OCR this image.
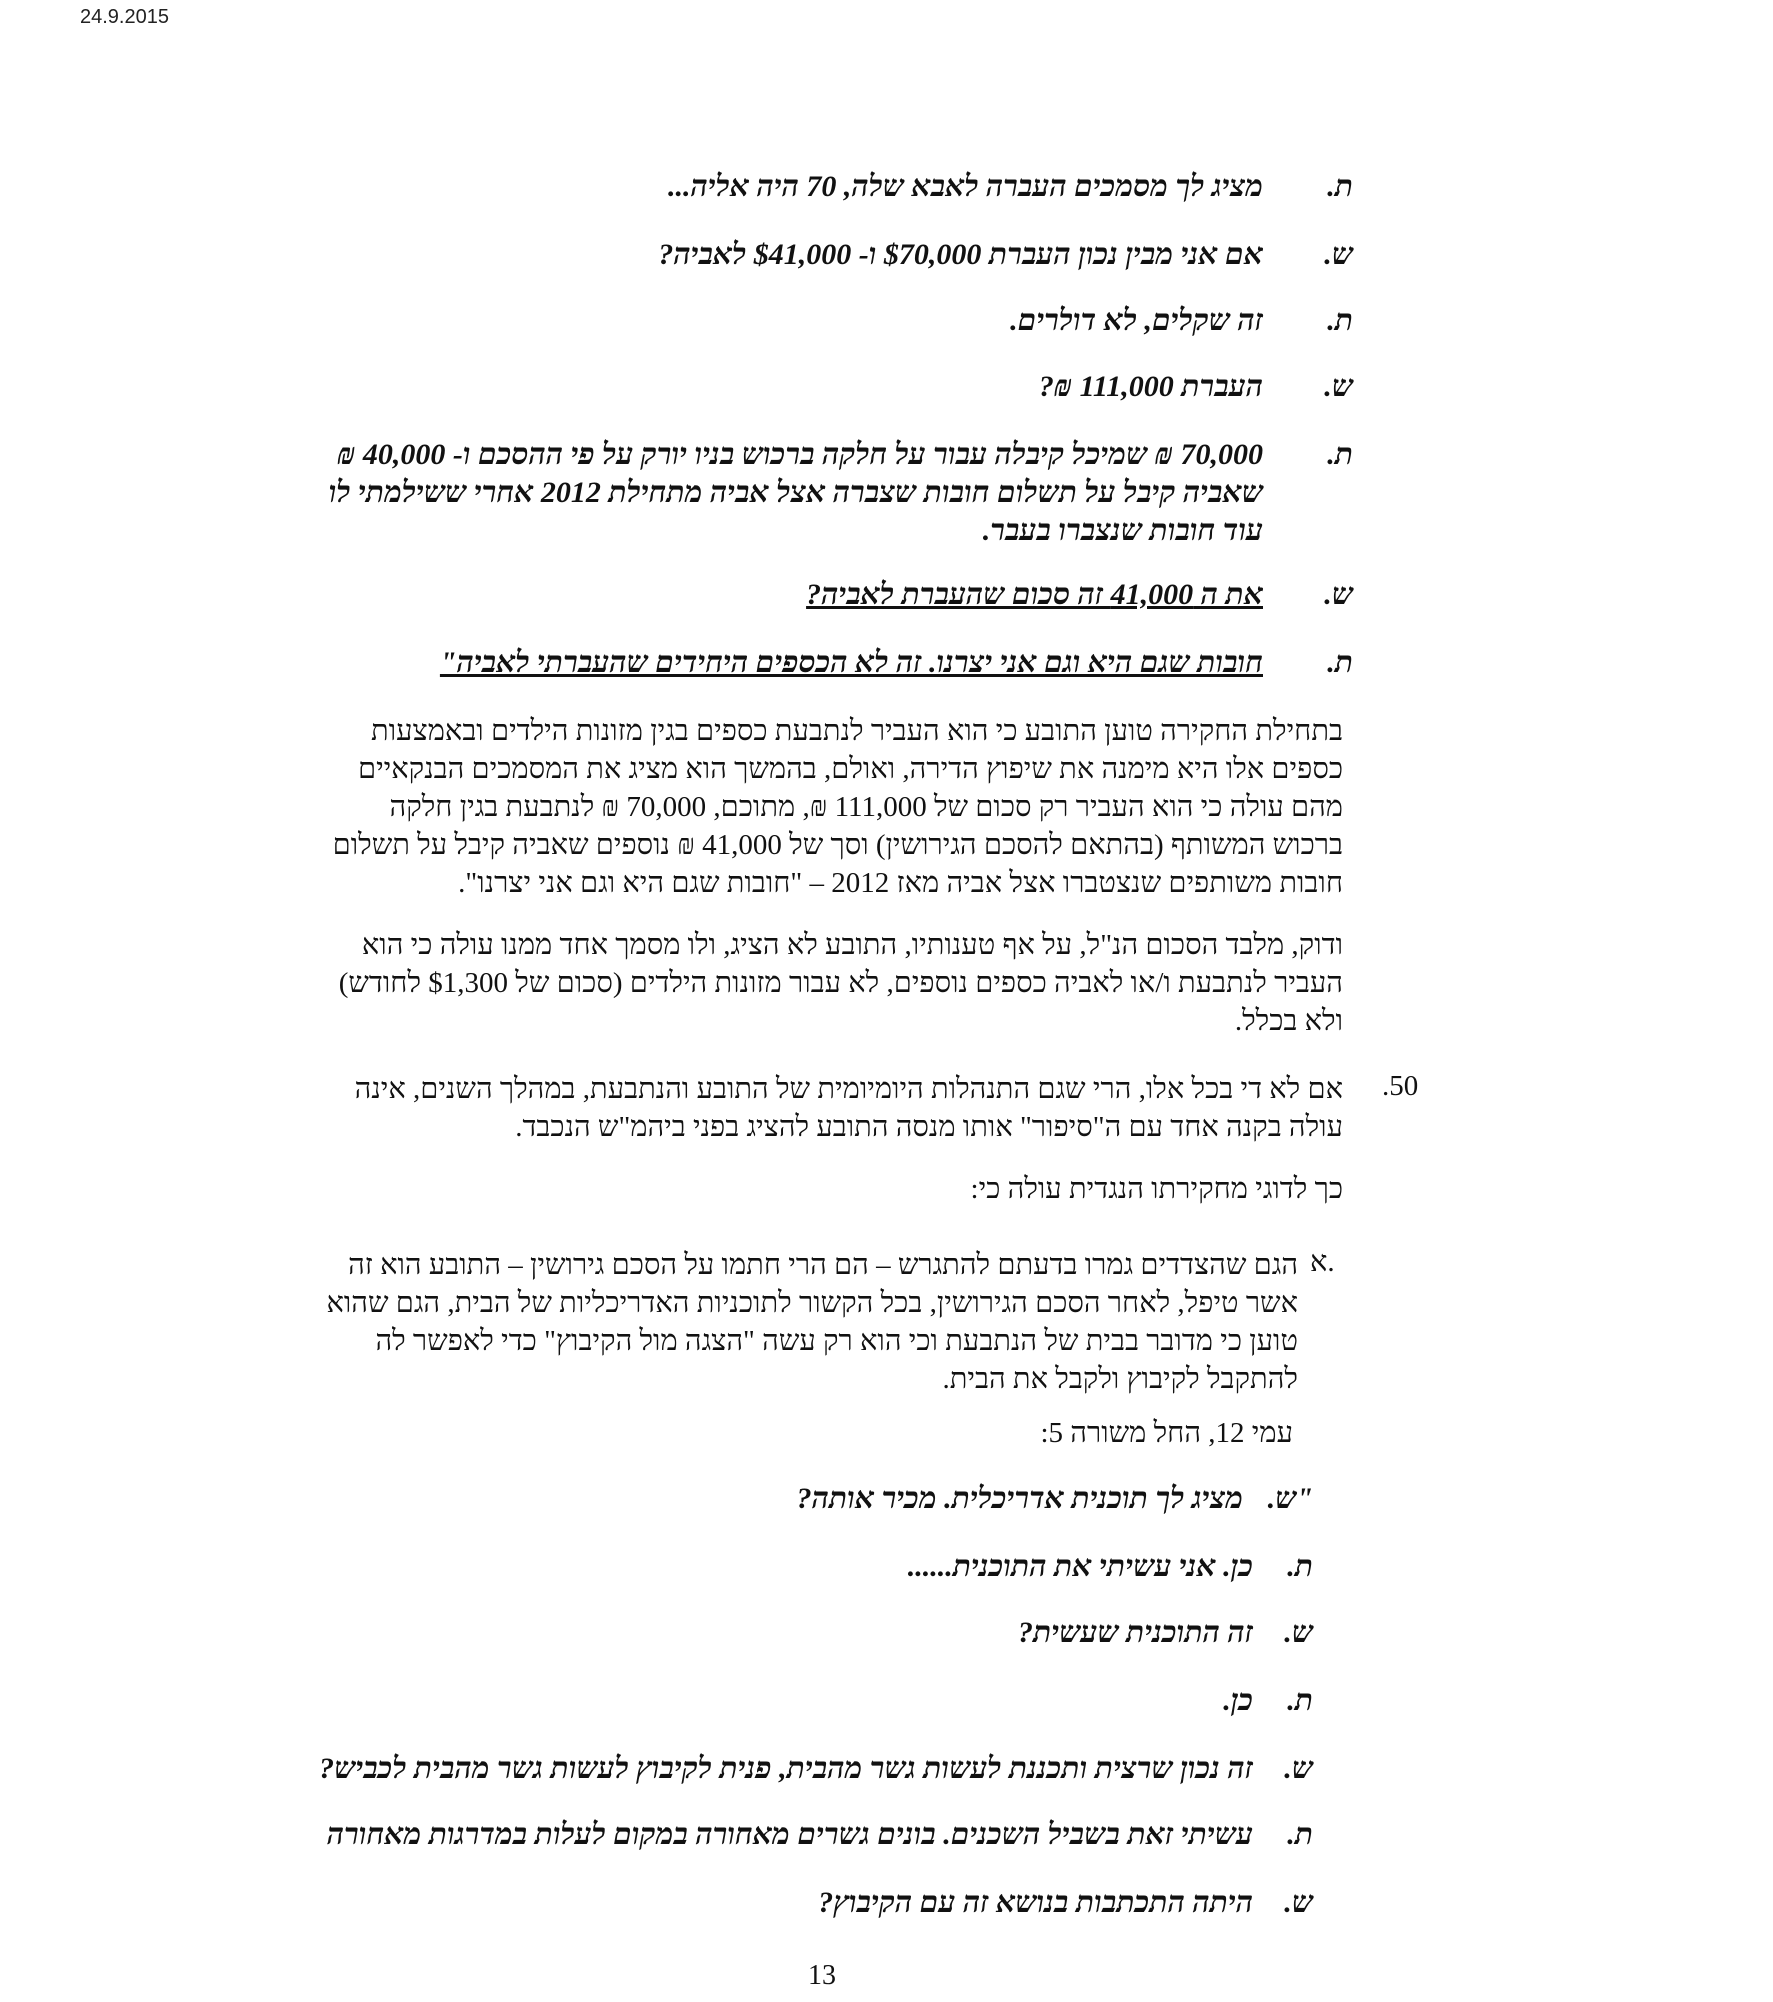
24.9.2015
ת.
מציג לך מסמכים העברה לאבא שלה, 70 היה אליה...
ש.
אם אני מבין נכון העברת $70,000 ו- $41,000 לאביה?
ת.
זה שקלים, לא דולרים.
ש.
העברת 111,000 ₪?
ת.
70,000 ₪ שמיכל קיבלה עבור על חלקה ברכוש בניו יורק על פי ההסכם ו- 40,000 ₪
שאביה קיבל על תשלום חובות שצברה אצל אביה מתחילת 2012 אחרי ששילמתי לו
עוד חובות שנצברו בעבר.
ש.
את ה 41,000 זה סכום שהעברת לאביה?
ת.
חובות שגם היא וגם אני יצרנו. זה לא הכספים היחידים שהעברתי לאביה"
בתחילת החקירה טוען התובע כי הוא העביר לנתבעת כספים בגין מזונות הילדים ובאמצעות
כספים אלו היא מימנה את שיפוץ הדירה, ואולם, בהמשך הוא מציג את המסמכים הבנקאיים
מהם עולה כי הוא העביר רק סכום של 111,000 ₪, מתוכם, 70,000 ₪ לנתבעת בגין חלקה
ברכוש המשותף (בהתאם להסכם הגירושין) וסך של 41,000 ₪ נוספים שאביה קיבל על תשלום
חובות משותפים שנצטברו אצל אביה מאז 2012 – "חובות שגם היא וגם אני יצרנו".
ודוק, מלבד הסכום הנ"ל, על אף טענותיו, התובע לא הציג, ולו מסמך אחד ממנו עולה כי הוא
העביר לנתבעת ו/או לאביה כספים נוספים, לא עבור מזונות הילדים (סכום של $1,300 לחודש)
ולא בכלל.
.50
אם לא די בכל אלו, הרי שגם התנהלות היומיומית של התובע והנתבעת, במהלך השנים, אינה
עולה בקנה אחד עם ה"סיפור" אותו מנסה התובע להציג בפני ביהמ"ש הנכבד.
כך לדוגי מחקירתו הנגדית עולה כי:
א.
הגם שהצדדים גמרו בדעתם להתגרש – הם הרי חתמו על הסכם גירושין – התובע הוא זה
אשר טיפל, לאחר הסכם הגירושין, בכל הקשור לתוכניות האדריכליות של הבית, הגם שהוא
טוען כי מדובר בבית של הנתבעת וכי הוא רק עשה "הצגה מול הקיבוץ" כדי לאפשר לה
להתקבל לקיבוץ ולקבל את הבית.
עמי 12, החל משורה 5:
"ש.
מציג לך תוכנית אדריכלית. מכיר אותה?
ת.
כן. אני עשיתי את התוכנית......
ש.
זה התוכנית שעשית?
ת.
כן.
ש.
זה נכון שרצית ותכננת לעשות גשר מהבית, פנית לקיבוץ לעשות גשר מהבית לכביש?
ת.
עשיתי זאת בשביל השכנים. בונים גשרים מאחורה במקום לעלות במדרגות מאחורה
ש.
היתה התכתבות בנושא זה עם הקיבוץ?
13
